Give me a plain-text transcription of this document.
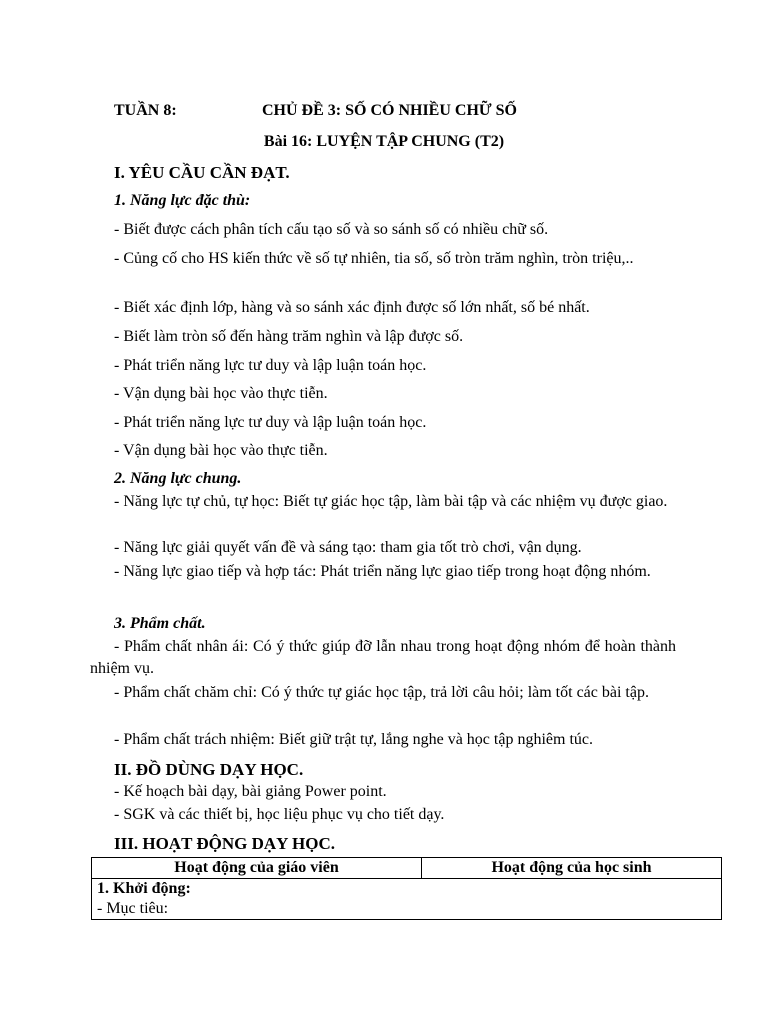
TUẦN 8:	CHỦ ĐỀ 3: SỐ CÓ NHIỀU CHỮ SỐ
Bài 16: LUYỆN TẬP CHUNG (T2)
I. YÊU CẦU CẦN ĐẠT.
1. Năng lực đặc thù:
- Biết được cách phân tích cấu tạo số và so sánh số có nhiều chữ số.
- Củng cố cho HS kiến thức về số tự nhiên, tia số, số tròn trăm nghìn, tròn triệu,..
- Biết xác định lớp, hàng và so sánh xác định được số lớn nhất, số bé nhất.
- Biết làm tròn số đến hàng trăm nghìn và lập được số.
- Phát triển năng lực tư duy và lập luận toán học.
- Vận dụng bài học vào thực tiễn.
- Phát triển năng lực tư duy và lập luận toán học.
- Vận dụng bài học vào thực tiễn.
2. Năng lực chung.
- Năng lực tự chủ, tự học: Biết tự giác học tập, làm bài tập và các nhiệm vụ được giao.
- Năng lực giải quyết vấn đề và sáng tạo: tham gia tốt trò chơi, vận dụng.
- Năng lực giao tiếp và hợp tác: Phát triển năng lực giao tiếp trong hoạt động nhóm.
3. Phẩm chất.
- Phẩm chất nhân ái: Có ý thức giúp đỡ lẫn nhau trong hoạt động nhóm để hoàn thành nhiệm vụ.
- Phẩm chất chăm chỉ: Có ý thức tự giác học tập, trả lời câu hỏi; làm tốt các bài tập.
- Phẩm chất trách nhiệm: Biết giữ trật tự, lắng nghe và học tập nghiêm túc.
II. ĐỒ DÙNG DẠY HỌC.
- Kế hoạch bài dạy, bài giảng Power point.
- SGK và các thiết bị, học liệu phục vụ cho tiết dạy.
III. HOẠT ĐỘNG DẠY HỌC.
Hoạt động của giáo viên	Hoạt động của học sinh

1. Khởi động:
- Mục tiêu:
